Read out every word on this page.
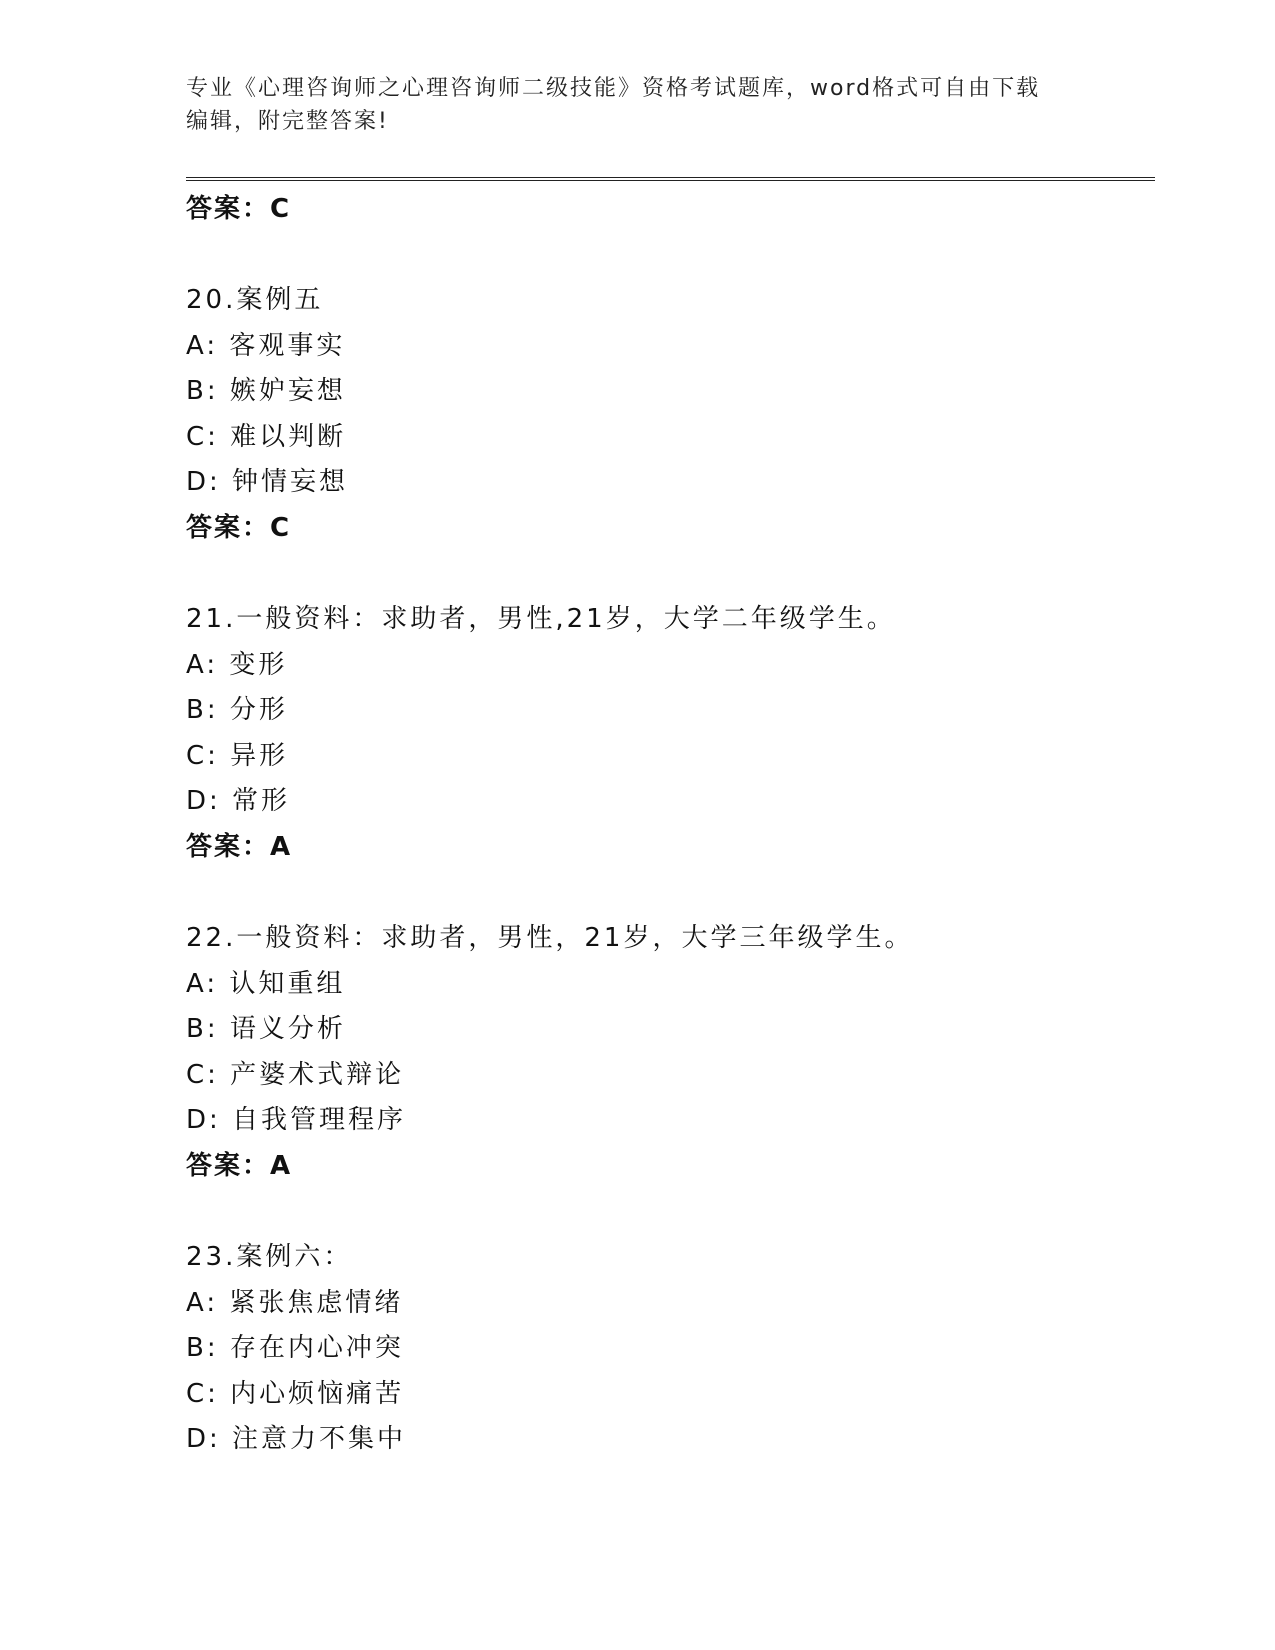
专业《心理咨询师之心理咨询师二级技能》资格考试题库，word格式可自由下载
编辑，附完整答案!
答案：C
20.案例五
A: 客观事实
B: 嫉妒妄想
C: 难以判断
D: 钟情妄想
答案：C
21.一般资料：求助者，男性,21岁，大学二年级学生。
A: 变形
B: 分形
C: 异形
D: 常形
答案：A
22.一般资料：求助者，男性，21岁，大学三年级学生。
A: 认知重组
B: 语义分析
C: 产婆术式辩论
D: 自我管理程序
答案：A
23.案例六：
A: 紧张焦虑情绪
B: 存在内心冲突
C: 内心烦恼痛苦
D: 注意力不集中
